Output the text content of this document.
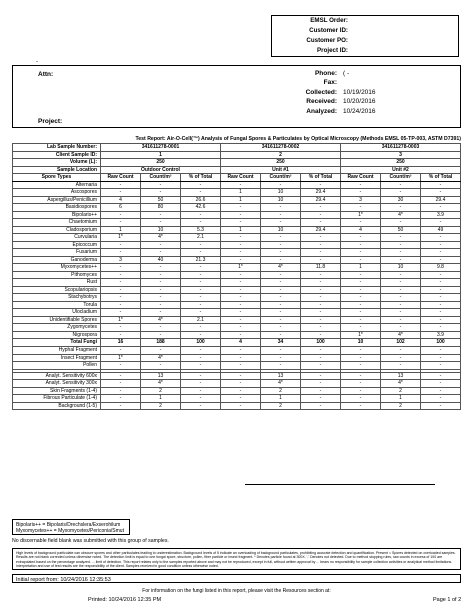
EMSL Order:
Customer ID:
Customer PO:
Project ID:
-
Attn:
Project:
Phone: ( -
Fax:
Collected: 10/19/2016
Received: 10/20/2016
Analyzed: 10/24/2016
Test Report: Air-O-Cell(™) Analysis of Fungal Spores & Particulates by Optical Microscopy (Methods EMSL 05-TP-003, ASTM D7391)
Lab Sample Number:	341611278-0001			341611278-0002			341611278-0003		
Client Sample ID:	1			2			3		
Volume (L):	250			250			250		
Sample Location	Outdoor Control			Unit #1			Unit #2		
Spore Types	Raw Count	Count/m³	% of Total	Raw Count	Count/m³	% of Total	Raw Count	Count/m³	% of Total
Alternaria	-	-	-	-	-	-	-	-	-
Ascospores	-	-	-	1	10	29.4	-	-	-
Aspergillus/Penicillium	4	50	26.6	1	10	29.4	3	30	29.4
Basidiospores	6	80	42.6	-	-	-	-	-	-
Bipolaris++	-	-	-	-	-	-	1*	4*	3.9
Chaetomium	-	-	-	-	-	-	-	-	-
Cladosporium	1	10	5.3	1	10	29.4	4	50	49
Curvularia	1*	4*	2.1	-	-	-	-	-	-
Epicoccum	-	-	-	-	-	-	-	-	-
Fusarium	-	-	-	-	-	-	-	-	-
Ganoderma	3	40	21.3	-	-	-	-	-	-
Myxomycetes++	-	-	-	1*	4*	11.8	1	10	9.8
Pithomyces	-	-	-	-	-	-	-	-	-
Rust	-	-	-	-	-	-	-	-	-
Scopulariopsis	-	-	-	-	-	-	-	-	-
Stachybotrys	-	-	-	-	-	-	-	-	-
Torula	-	-	-	-	-	-	-	-	-
Ulocladium	-	-	-	-	-	-	-	-	-
Unidentifiable Spores	1*	4*	2.1	-	-	-	-	-	-
Zygomycetes	-	-	-	-	-	-	-	-	-
Nigrospora	-	-	-	-	-	-	1*	4*	3.9
Total Fungi	16	188	100	4	34	100	10	102	100
Hyphal Fragment	-	-	-	-	-	-	-	-	-
Insect Fragment	1*	4*	-	-	-	-	-	-	-
Pollen	-	-	-	-	-	-	-	-	-

Analyt. Sensitivity 600x	-	13	-	-	13	-	-	13	-
Analyt. Sensitivity 300x	-	4*	-	-	4*	-	-	4*	-
Skin Fragments (1-4)	-	2	-	-	2	-	-	2	-
Fibrous Particulate (1-4)	-	1	-	-	1	-	-	1	-
Background (1-5)	-	2	-	-	2	-	-	2	-
Bipolaris++ = Bipolaris/Drechslera/Exserohilum
Myxomycetes++ = Myxomycetes/Periconia/Smut
No discernable field blank was submitted with this group of samples.
High levels of background particulate can obscure spores and other particulates leading to underestimation. Background levels of 5 indicate an overloading of background particulates, prohibiting accurate detection and quantification. Present = Spores detected on overloaded samples. Results are not blank corrected unless otherwise noted. The detection limit is equal to one fungal spore, structure, pollen, fiber particle or insect fragment. * Denotes particle found at 300X. '-' Denotes not detected. Due to method stopping rules, raw counts in excess of 100 are extrapolated based on the percentage analyzed. ... limit of detection. This report relates only to the samples reported above and may not be reproduced, except in full, without written approval by ... bears no responsibility for sample collection activities or analytical method limitations. Interpretation and use of test results are the responsibility of the client. Samples received in good condition unless otherwise noted.
Initial report from: 10/24/2016 12:35:53
For information on the fungi listed in this report, please visit the Resources section at:
Printed: 10/24/2016 12:35 PM	Page 1 of 2
